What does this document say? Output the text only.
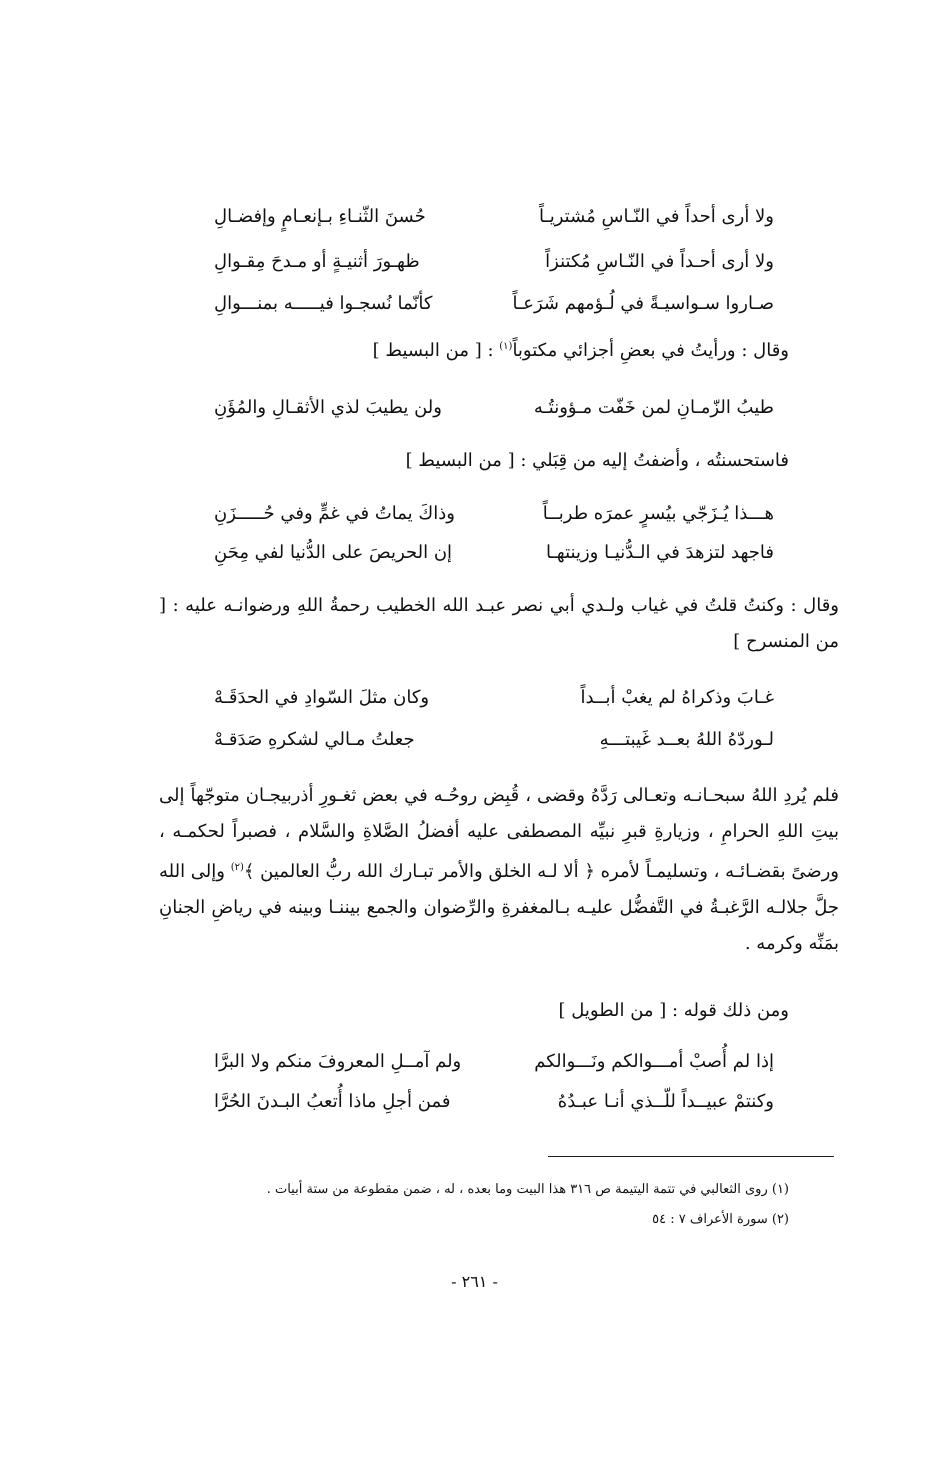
ولا أرى أحداً في النّـاسِ مُشتريـاً
حُسنَ الثّنـاءِ بـإنعـامٍ وإفضـالِ
ولا أرى أحـداً في النّـاسِ مُكتنزاً
ظهـورَ أثنيـةٍ أو مـدحَ مِقـوالِ
صـاروا سـواسيـةً في لُـؤمهم شَرَعـاً
كأنّما نُسجـوا فيـــــه بمنـــوالِ
وقال : ورأيتُ في بعضِ أجزائي مكتوباً$^{(١)}$ : [ من البسيط ]
طيبُ الزّمـانِ لمن خَفّت مـؤونتُـه
ولن يطيبَ لذي الأثقـالِ والمُؤَنِ
فاستحسنتُه ، وأضفتُ إليه من قِبَلي : [ من البسيط ]
هـــذا يُـزَجّي بيُسرٍ عمرَه طربــاً
وذاكَ يماتُ في غمٍّ وفي حُـــــزَنِ
فاجهد لتزهدَ في الـدُّنيـا وزينتهـا
إن الحريصَ على الدُّنيا لفي مِحَنِ
وقال : وكنتُ قلتُ في غياب ولـدي أبي نصر عبـد الله الخطيب رحمةُ اللهِ ورضوانـه عليه : [ من المنسرح ]
غـابَ وذكراهُ لم يغبْ أبــداً
وكان مثلَ السّوادِ في الحدَقَـهْ
لـوردّهُ اللهُ بعــد غَيبتـــهِ
جعلتُ مـالي لشكرهِ صَدَقـهْ
فلم يُردِ اللهُ سبحـانـه وتعـالى رَدَّهُ وقضى ، قُبِض روحُـه في بعض ثغـورِ أذربيجـان متوجّهاً إلى بيتِ اللهِ الحرامِ ، وزيارةِ قبرِ نبيِّه المصطفى عليه أفضلُ الصَّلاةِ والسَّلام ، فصبراً لحكمـه ، ورضىً بقضـائـه ، وتسليمـاً لأمره ﴿ ألا لـه الخلق والأمر تبـارك الله ربُّ العالمين ﴾$^{(٢)}$ وإلى الله جلَّ جلالـه الرَّغبـةُ في التَّفضُّل عليـه بـالمغفرةِ والرِّضوان والجمع بيننـا وبينه في رياضِ الجنانِ بمَنِّه وكرمه .
ومن ذلك قوله : [ من الطويل ]
إذا لم أُصبْ أمـــوالكم ونَـــوالكم
ولم آمــلِ المعروفَ منكم ولا البرَّا
وكنتمْ عبيــداً للّــذي أنـا عبـدُهُ
فمن أجلِ ماذا أُتعبُ البـدنَ الحُرَّا
(١) روى الثعالبي في تتمة اليتيمة ص ٣١٦ هذا البيت وما بعده ، له ، ضمن مقطوعة من ستة أبيات .
(٢) سورة الأعراف ٧ : ٥٤
- ٢٦١ -
